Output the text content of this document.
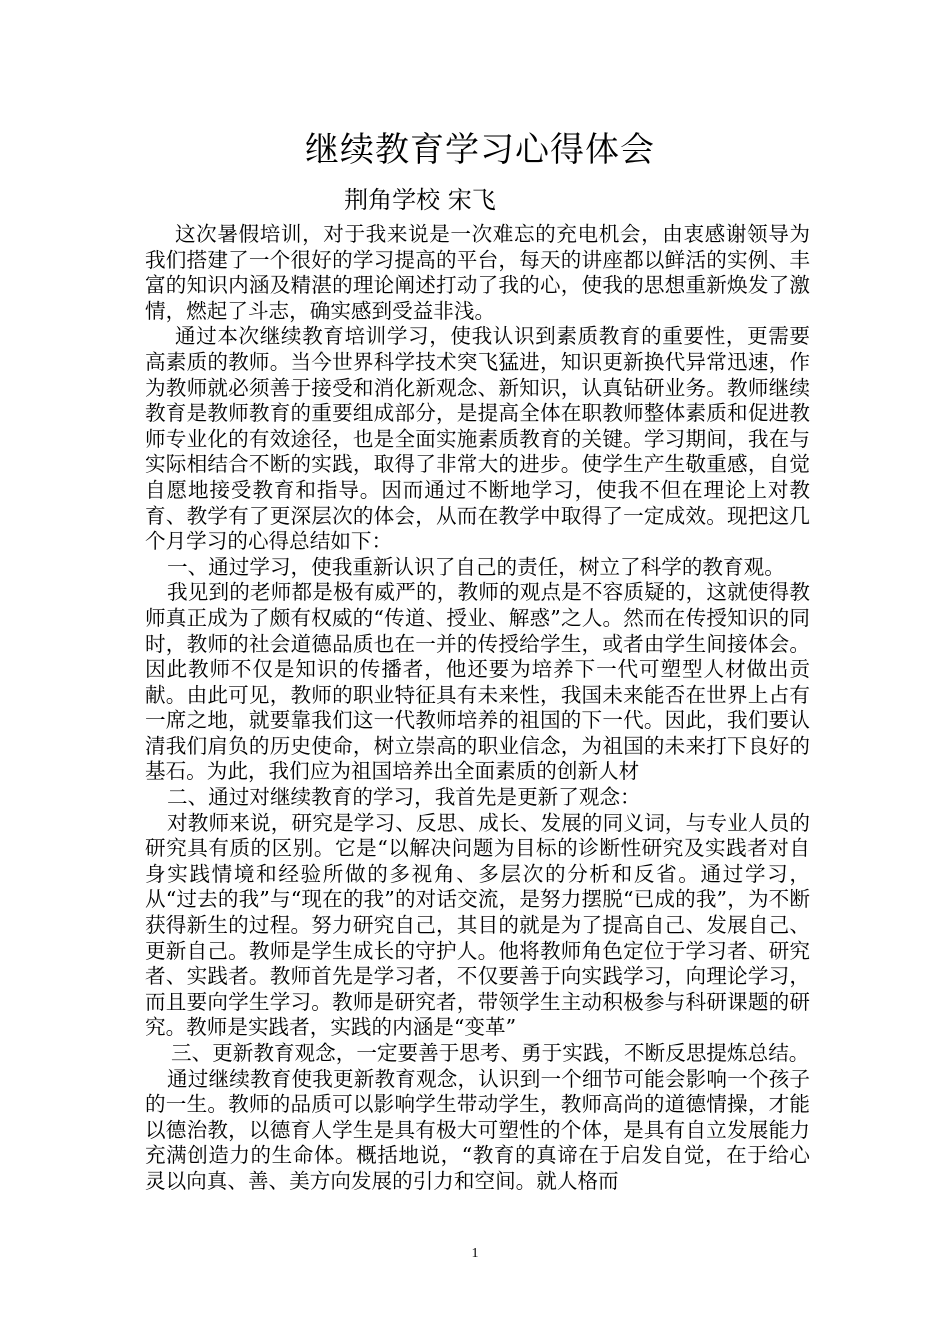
继续教育学习心得体会
荆角学校 宋飞

这次暑假培训，对于我来说是一次难忘的充电机会，由衷感谢领导为我们搭建了一个很好的学习提高的平台，每天的讲座都以鲜活的实例、丰富的知识内涵及精湛的理论阐述打动了我的心，使我的思想重新焕发了激情，燃起了斗志，确实感到受益非浅。

通过本次继续教育培训学习，使我认识到素质教育的重要性，更需要高素质的教师。当今世界科学技术突飞猛进，知识更新换代异常迅速，作为教师就必须善于接受和消化新观念、新知识，认真钻研业务。教师继续教育是教师教育的重要组成部分，是提高全体在职教师整体素质和促进教师专业化的有效途径，也是全面实施素质教育的关键。学习期间，我在与实际相结合不断的实践，取得了非常大的进步。使学生产生敬重感，自觉自愿地接受教育和指导。因而通过不断地学习，使我不但在理论上对教育、教学有了更深层次的体会，从而在教学中取得了一定成效。现把这几个月学习的心得总结如下：

一、通过学习，使我重新认识了自己的责任，树立了科学的教育观。

我见到的老师都是极有威严的，教师的观点是不容质疑的，这就使得教师真正成为了颇有权威的“传道、授业、解惑”之人。然而在传授知识的同时，教师的社会道德品质也在一并的传授给学生，或者由学生间接体会。因此教师不仅是知识的传播者，他还要为培养下一代可塑型人材做出贡献。由此可见，教师的职业特征具有未来性，我国未来能否在世界上占有一席之地，就要靠我们这一代教师培养的祖国的下一代。因此，我们要认清我们肩负的历史使命，树立崇高的职业信念，为祖国的未来打下良好的基石。为此，我们应为祖国培养出全面素质的创新人材

二、通过对继续教育的学习，我首先是更新了观念：

对教师来说，研究是学习、反思、成长、发展的同义词，与专业人员的研究具有质的区别。它是“以解决问题为目标的诊断性研究及实践者对自身实践情境和经验所做的多视角、多层次的分析和反省。通过学习，从“过去的我”与“现在的我”的对话交流，是努力摆脱“已成的我”，为不断获得新生的过程。努力研究自己，其目的就是为了提高自己、发展自己、更新自己。教师是学生成长的守护人。他将教师角色定位于学习者、研究者、实践者。教师首先是学习者，不仅要善于向实践学习，向理论学习，而且要向学生学习。教师是研究者，带领学生主动积极参与科研课题的研究。教师是实践者，实践的内涵是“变革”

三、更新教育观念，一定要善于思考、勇于实践，不断反思提炼总结。

通过继续教育使我更新教育观念，认识到一个细节可能会影响一个孩子的一生。教师的品质可以影响学生带动学生，教师高尚的道德情操，才能以德治教，以德育人学生是具有极大可塑性的个体，是具有自立发展能力充满创造力的生命体。概括地说，“教育的真谛在于启发自觉，在于给心灵以向真、善、美方向发展的引力和空间。就人格而

1
